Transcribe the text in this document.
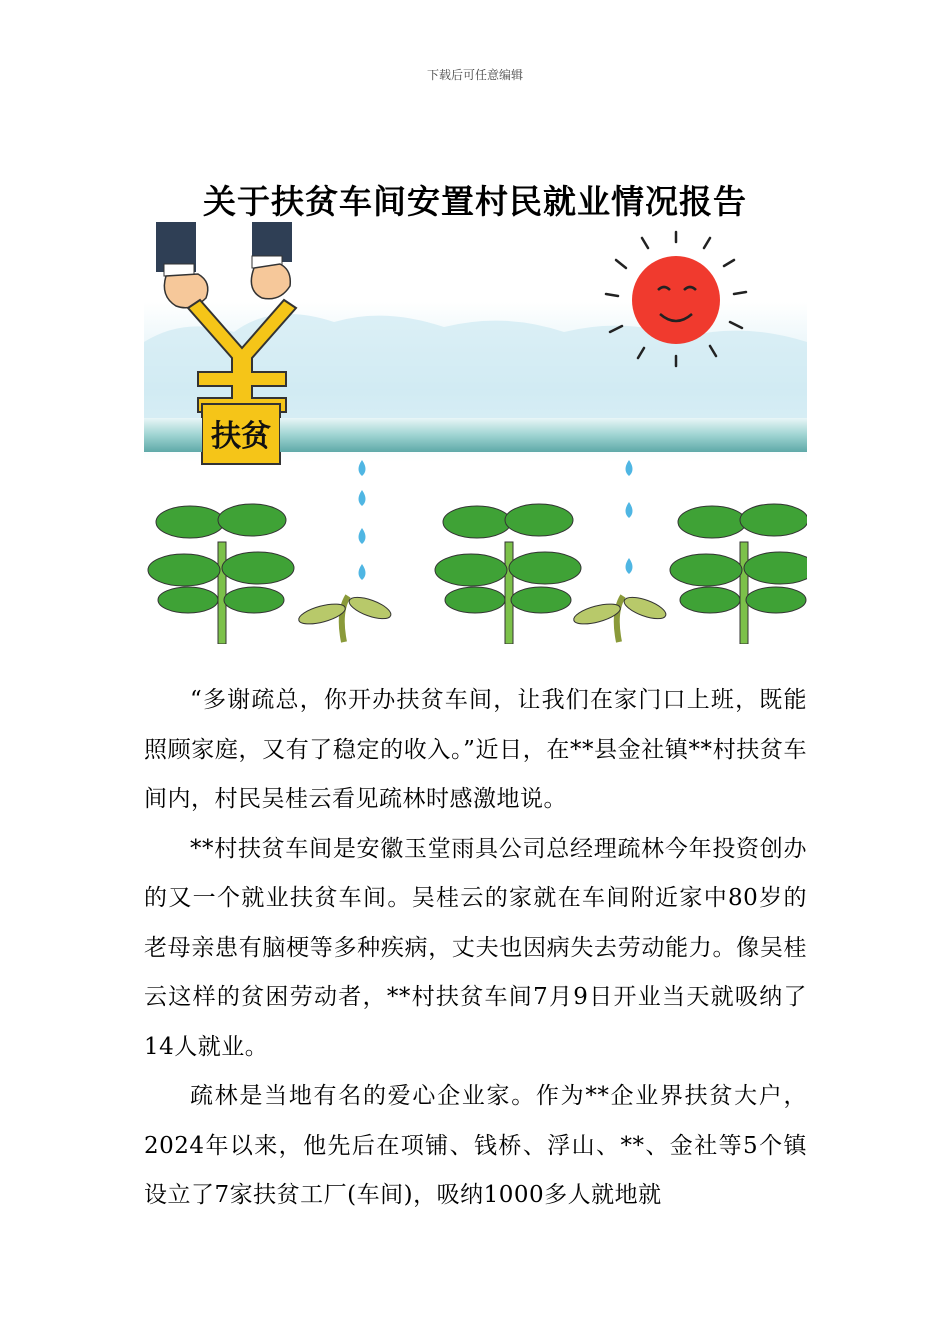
下载后可任意编辑
关于扶贫车间安置村民就业情况报告
扶贫

“多谢疏总，你开办扶贫车间，让我们在家门口上班，既能照顾家庭，又有了稳定的收入。”近日，在**县金社镇**村扶贫车间内，村民吴桂云看见疏林时感激地说。

**村扶贫车间是安徽玉堂雨具公司总经理疏林今年投资创办的又一个就业扶贫车间。吴桂云的家就在车间附近家中80岁的老母亲患有脑梗等多种疾病，丈夫也因病失去劳动能力。像吴桂云这样的贫困劳动者，**村扶贫车间7月9日开业当天就吸纳了14人就业。

疏林是当地有名的爱心企业家。作为**企业界扶贫大户，2024年以来，他先后在项铺、钱桥、浮山、**、金社等5个镇设立了7家扶贫工厂(车间)，吸纳1000多人就地就
